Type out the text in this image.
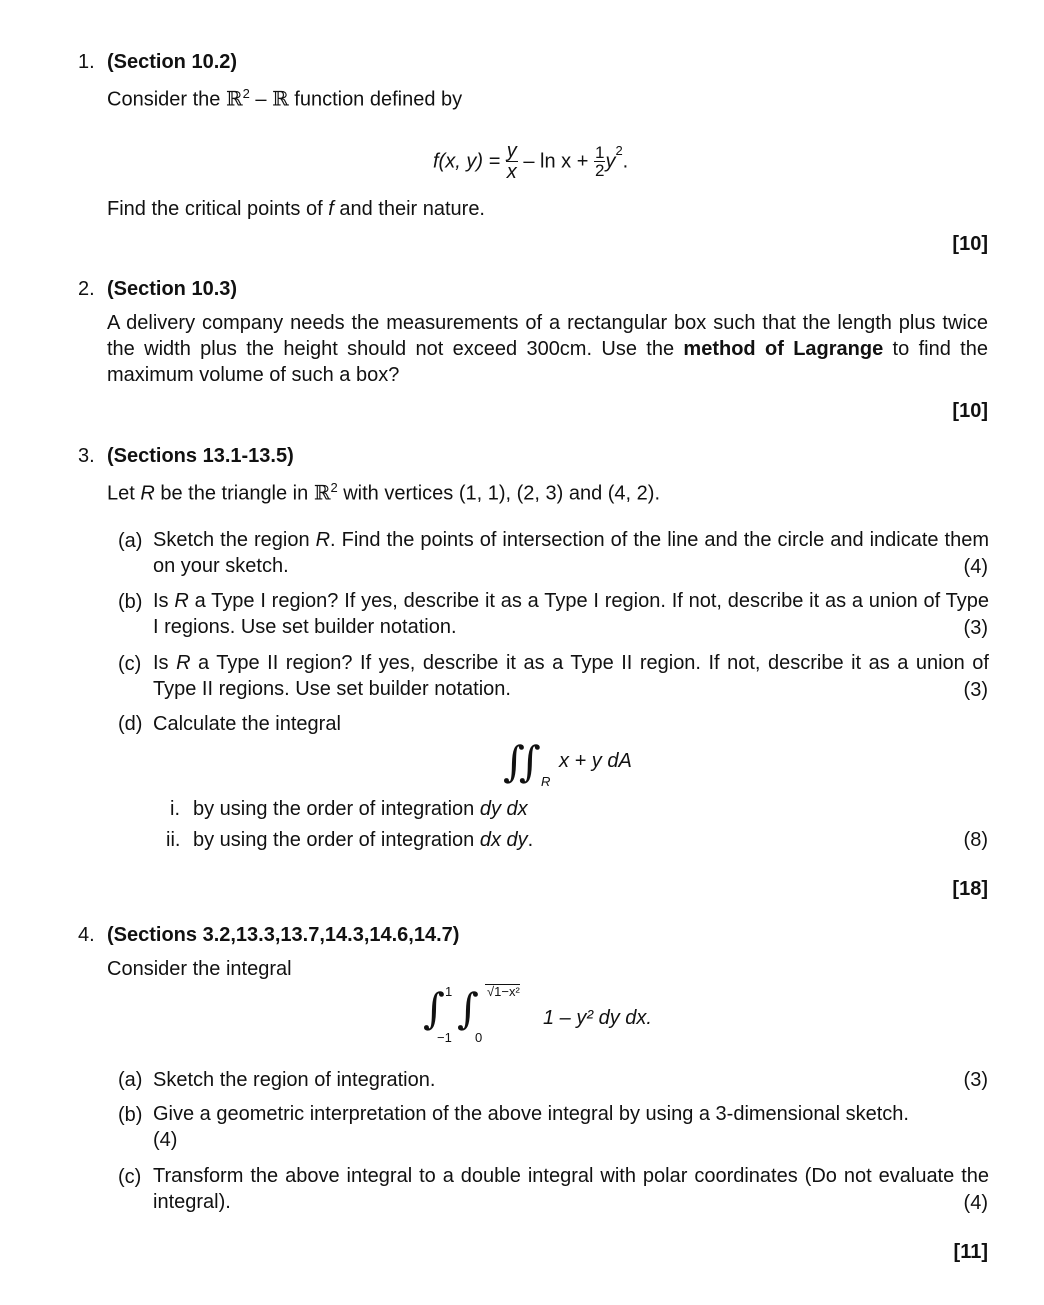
1. (Section 10.2)
Consider the ℝ$^2$ – ℝ function defined by
f(x, $y) = \frac{y}{x} - \ln x + \frac{1}{2} y^2$.
Find the critical points of f and their nature.
[10]
2. (Section 10.3)
A delivery company needs the measurements of a rectangular box such that the length plus twice the width plus the height should not exceed 300cm. Use the method of Lagrange to find the maximum volume of such a box?
[10]
3. (Sections 13.1-13.5)
Let R be the triangle in ℝ$^2$ with vertices (1, 1), (2, 3) and (4, 2).
(a) Sketch the region R. Find the points of intersection of the line and the circle and indicate them on your sketch.	(4)
(b) Is R a Type I region? If yes, describe it as a Type I region. If not, describe it as a union of Type I regions. Use set builder notation.	(3)
(c) Is R a Type II region? If yes, describe it as a Type II region. If not, describe it as a union of Type II regions. Use set builder notation.	(3)
(d) Calculate the integral
∫∫ R
x + y dA
i. by using the order of integration dy dx
ii. by using the order of integration dx dy.	(8)
[18]
4. (Sections 3.2,13.3,13.7,14.3,14.6,14.7)
Consider the integral
∫ 1
−1
∫ √1−x²
0
1 – y² dy dx.
(a) Sketch the region of integration.	(3)
(b) Give a geometric interpretation of the above integral by using a 3-dimensional sketch.
(4)
(c) Transform the above integral to a double integral with polar coordinates (Do not evaluate the integral).	(4)
[11]
